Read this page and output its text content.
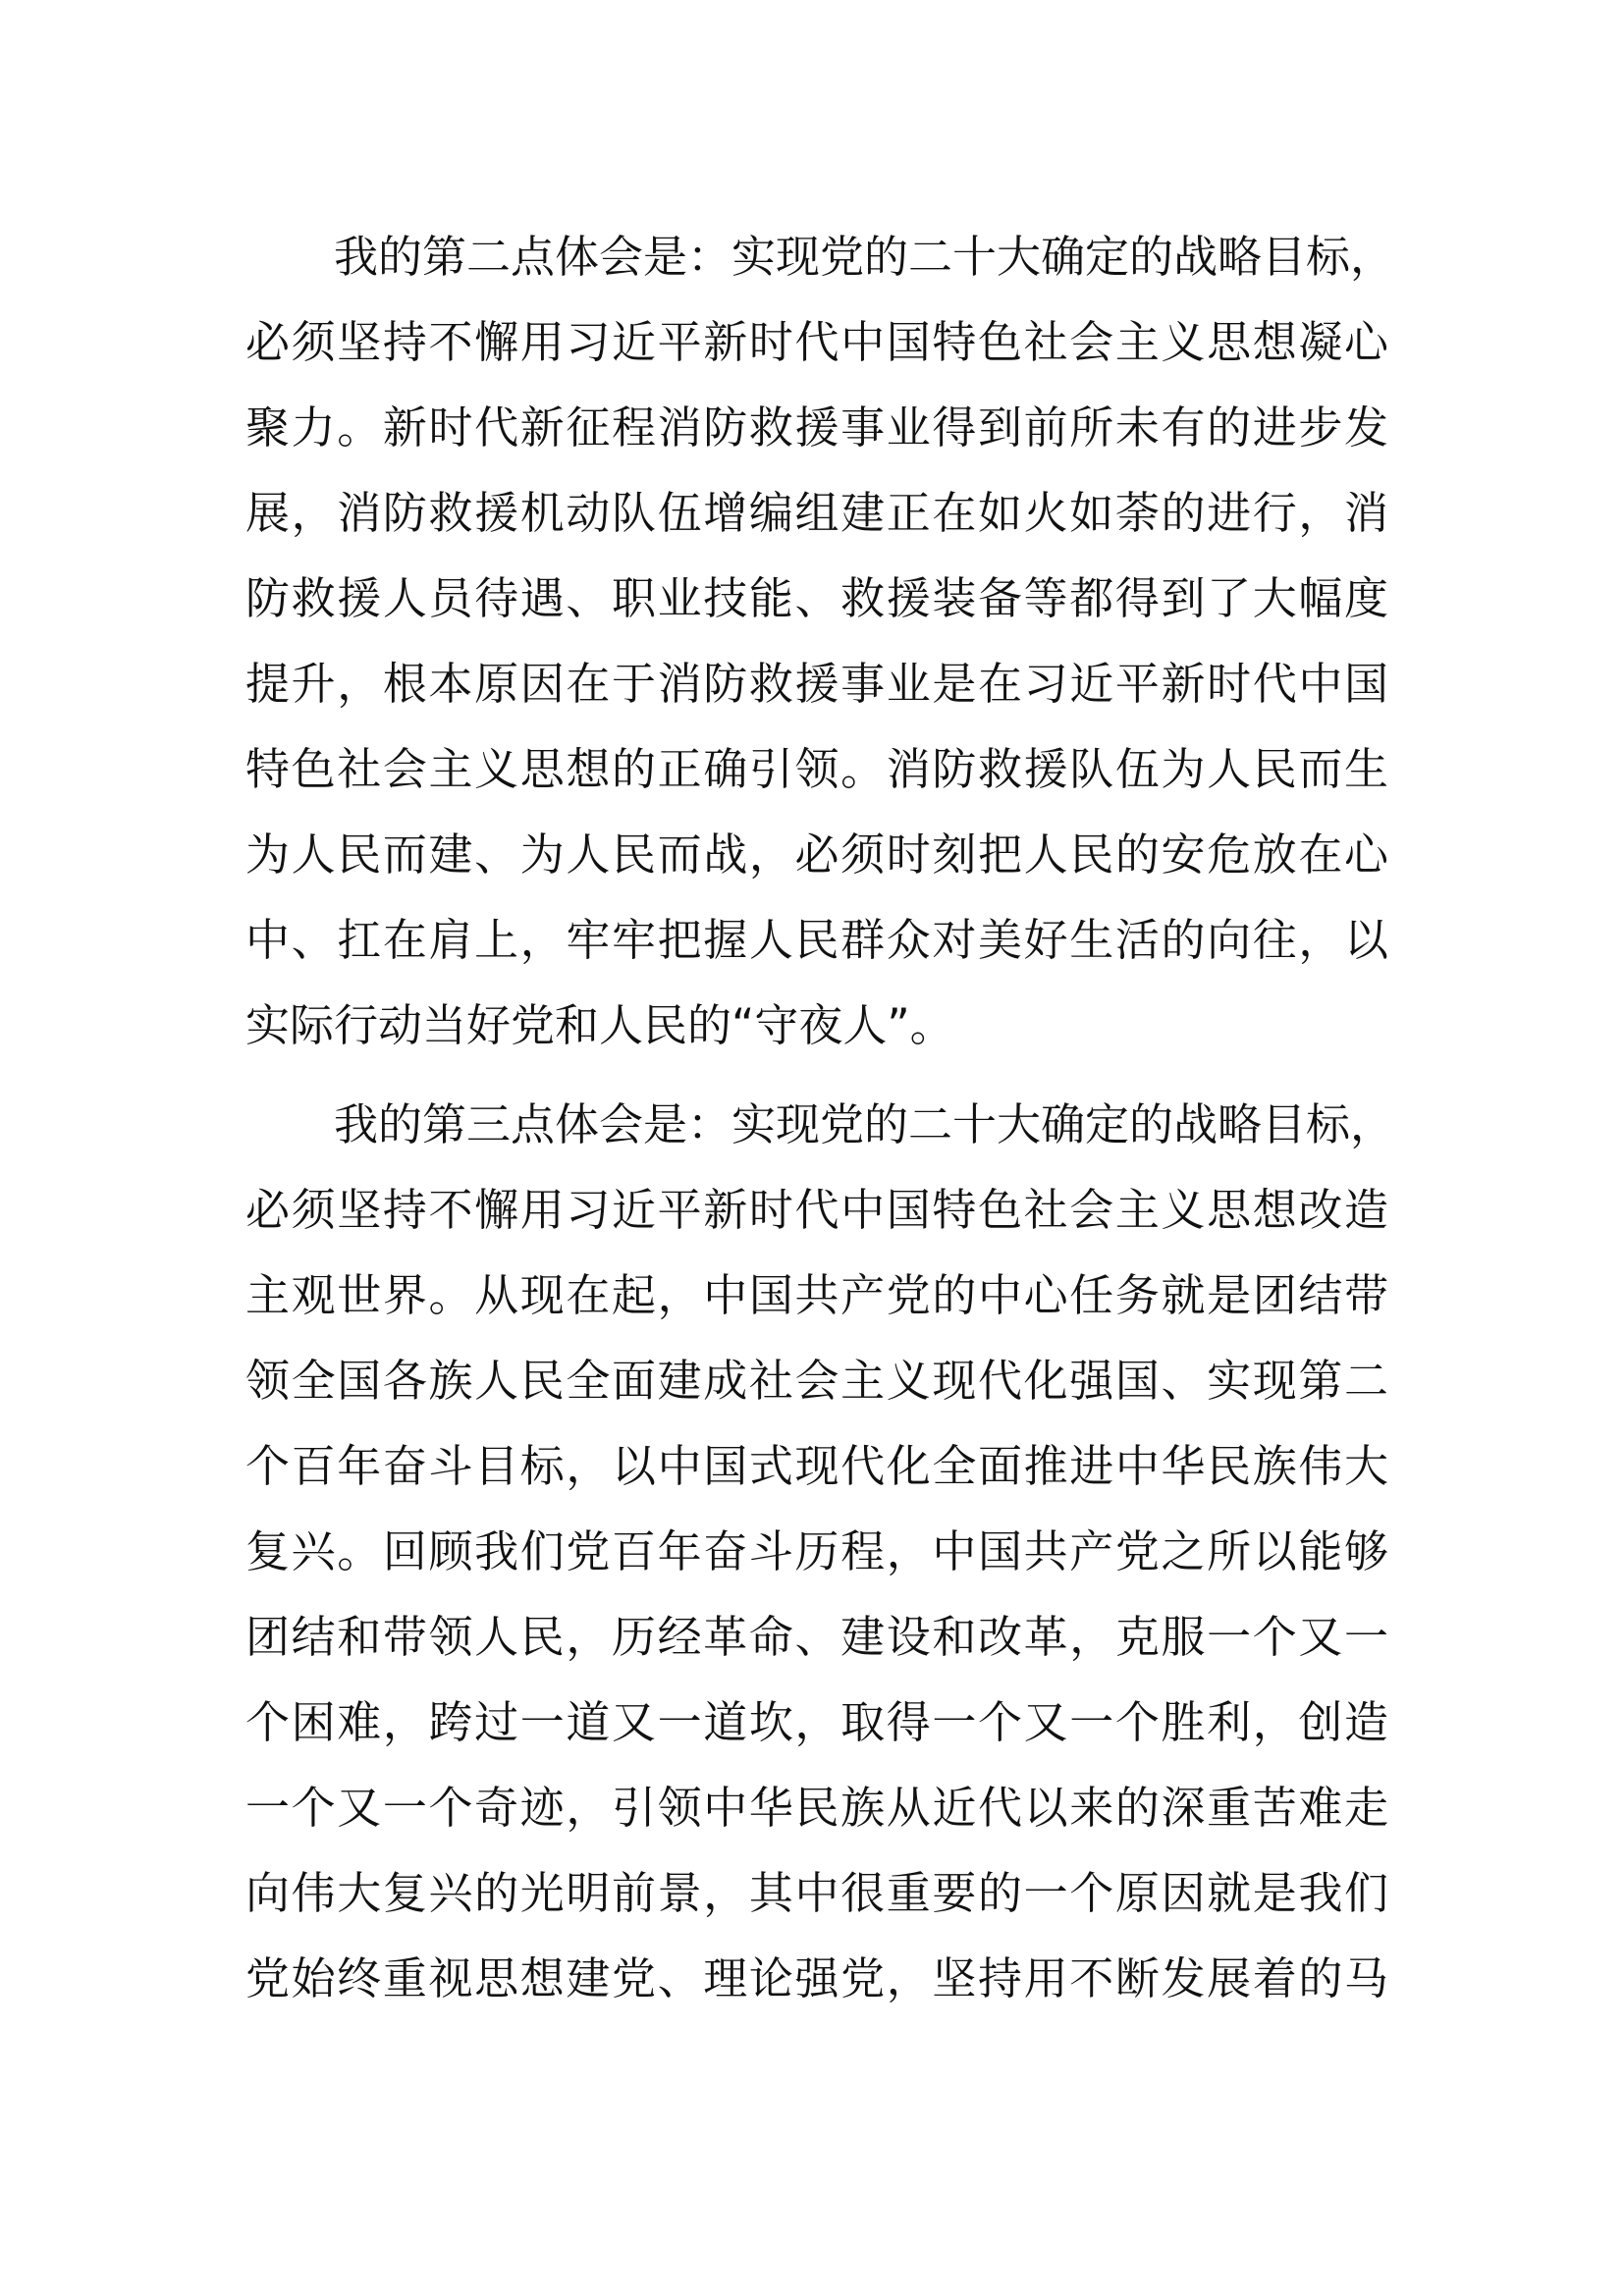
我的第二点体会是：实现党的二十大确定的战略目标，
必须坚持不懈用习近平新时代中国特色社会主义思想凝心
聚力。新时代新征程消防救援事业得到前所未有的进步发
展，消防救援机动队伍增编组建正在如火如荼的进行，消
防救援人员待遇、职业技能、救援装备等都得到了大幅度
提升，根本原因在于消防救援事业是在习近平新时代中国
特色社会主义思想的正确引领。消防救援队伍为人民而生
为人民而建、为人民而战，必须时刻把人民的安危放在心
中、扛在肩上，牢牢把握人民群众对美好生活的向往，以
实际行动当好党和人民的“守夜人”。
我的第三点体会是：实现党的二十大确定的战略目标，
必须坚持不懈用习近平新时代中国特色社会主义思想改造
主观世界。从现在起，中国共产党的中心任务就是团结带
领全国各族人民全面建成社会主义现代化强国、实现第二
个百年奋斗目标，以中国式现代化全面推进中华民族伟大
复兴。回顾我们党百年奋斗历程，中国共产党之所以能够
团结和带领人民，历经革命、建设和改革，克服一个又一
个困难，跨过一道又一道坎，取得一个又一个胜利，创造
一个又一个奇迹，引领中华民族从近代以来的深重苦难走
向伟大复兴的光明前景，其中很重要的一个原因就是我们
党始终重视思想建党、理论强党，坚持用不断发展着的马
